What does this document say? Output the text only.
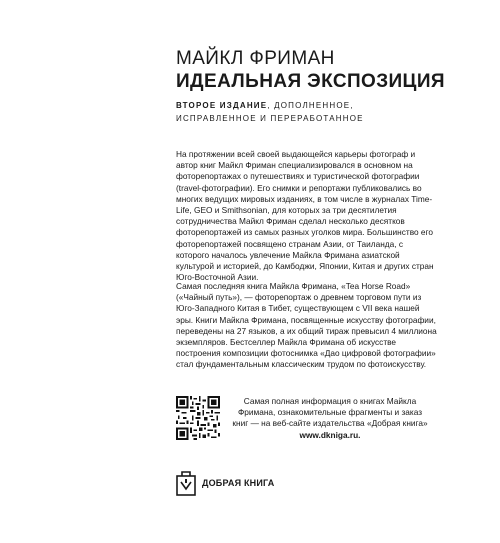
МАЙКЛ ФРИМАН
ИДЕАЛЬНАЯ ЭКСПОЗИЦИЯ
ВТОРОЕ ИЗДАНИЕ, ДОПОЛНЕННОЕ,
ИСПРАВЛЕННОЕ И ПЕРЕРАБОТАННОЕ

На протяжении всей своей выдающейся карьеры фотограф и автор книг Майкл Фриман специализировался в основном на фоторепортажах о путешествиях и туристической фотографии (travel-фотографии). Его снимки и репортажи публиковались во многих ведущих мировых изданиях, в том числе в журналах Time-Life, GEO и Smithsonian, для которых за три десятилетия сотрудничества Майкл Фриман сделал несколько десятков фоторепортажей из самых разных уголков мира. Большинство его фоторепортажей посвящено странам Азии, от Таиланда, с которого началось увлечение Майкла Фримана азиатской культурой и историей, до Камбоджи, Японии, Китая и других стран Юго-Восточной Азии.

Самая последняя книга Майкла Фримана, «Tea Horse Road» («Чайный путь»), — фоторепортаж о древнем торговом пути из Юго-Западного Китая в Тибет, существующем с VII века нашей эры. Книги Майкла Фримана, посвященные искусству фотографии, переведены на 27 языков, а их общий тираж превысил 4 миллиона экземпляров. Бестселлер Майкла Фримана об искусстве построения композиции фотоснимка «Дао цифровой фотографии» стал фундаментальным классическим трудом по фотоискусству.

Самая полная информация о книгах Майкла Фримана, ознакомительные фрагменты и заказ книг — на веб-сайте издательства «Добрая книга» www.dkniga.ru.
ДОБРАЯ КНИГА
